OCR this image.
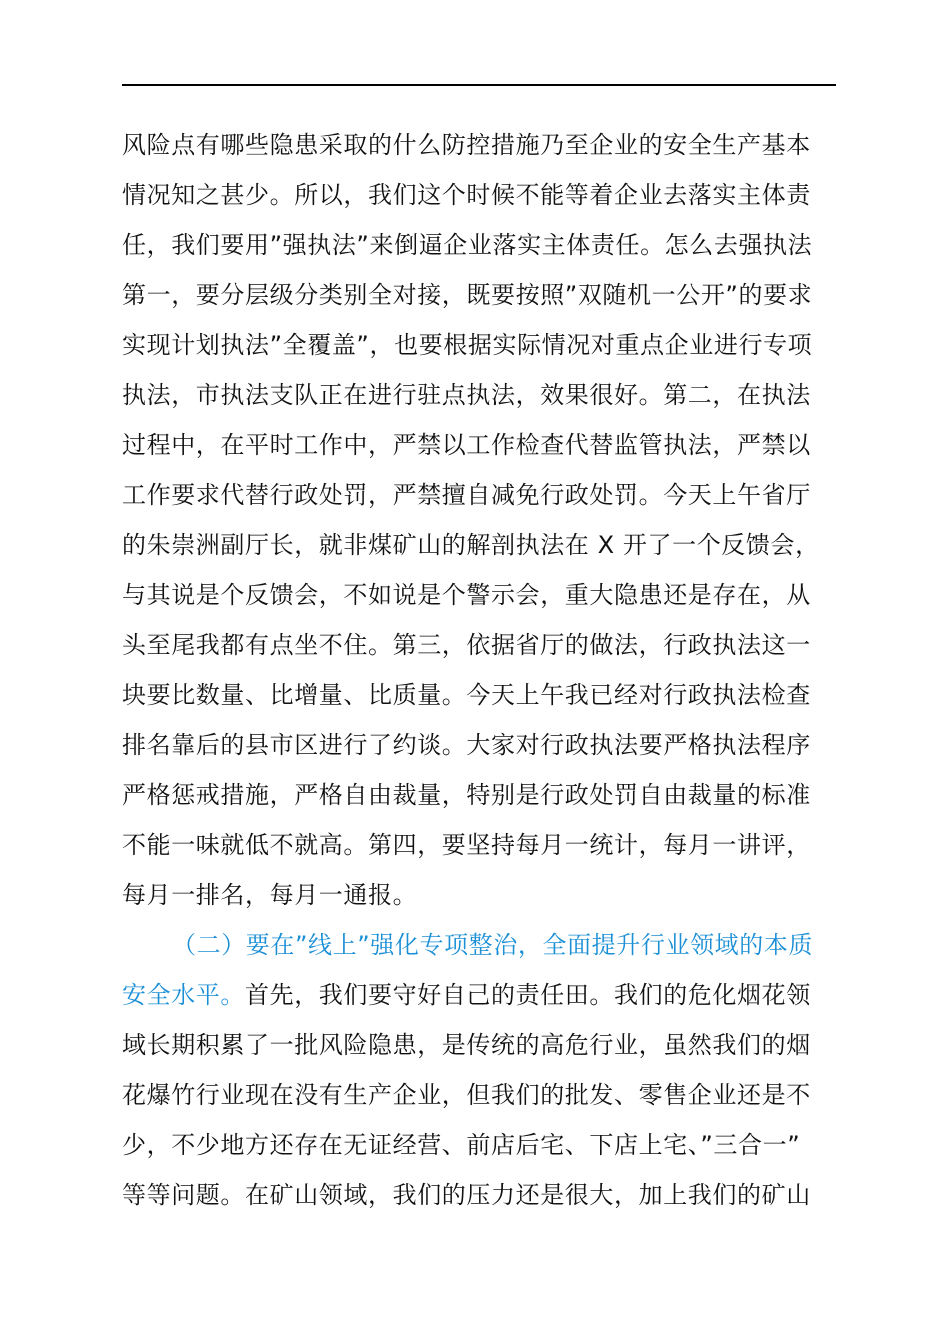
风险点有哪些隐患采取的什么防控措施乃至企业的安全生产基本
情况知之甚少。所以，我们这个时候不能等着企业去落实主体责
任，我们要用”强执法”来倒逼企业落实主体责任。怎么去强执法
第一，要分层级分类别全对接，既要按照”双随机一公开”的要求
实现计划执法”全覆盖”，也要根据实际情况对重点企业进行专项
执法，市执法支队正在进行驻点执法，效果很好。第二，在执法
过程中，在平时工作中，严禁以工作检查代替监管执法，严禁以
工作要求代替行政处罚，严禁擅自减免行政处罚。今天上午省厅
的朱崇洲副厅长，就非煤矿山的解剖执法在 X 开了一个反馈会，
与其说是个反馈会，不如说是个警示会，重大隐患还是存在，从
头至尾我都有点坐不住。第三，依据省厅的做法，行政执法这一
块要比数量、比增量、比质量。今天上午我已经对行政执法检查
排名靠后的县市区进行了约谈。大家对行政执法要严格执法程序
严格惩戒措施，严格自由裁量，特别是行政处罚自由裁量的标准
不能一味就低不就高。第四，要坚持每月一统计，每月一讲评，
每月一排名，每月一通报。
（二）要在”线上”强化专项整治，全面提升行业领域的本质
安全水平。首先，我们要守好自己的责任田。我们的危化烟花领
域长期积累了一批风险隐患，是传统的高危行业，虽然我们的烟
花爆竹行业现在没有生产企业，但我们的批发、零售企业还是不
少，不少地方还存在无证经营、前店后宅、下店上宅、”三合一”
等等问题。在矿山领域，我们的压力还是很大，加上我们的矿山
